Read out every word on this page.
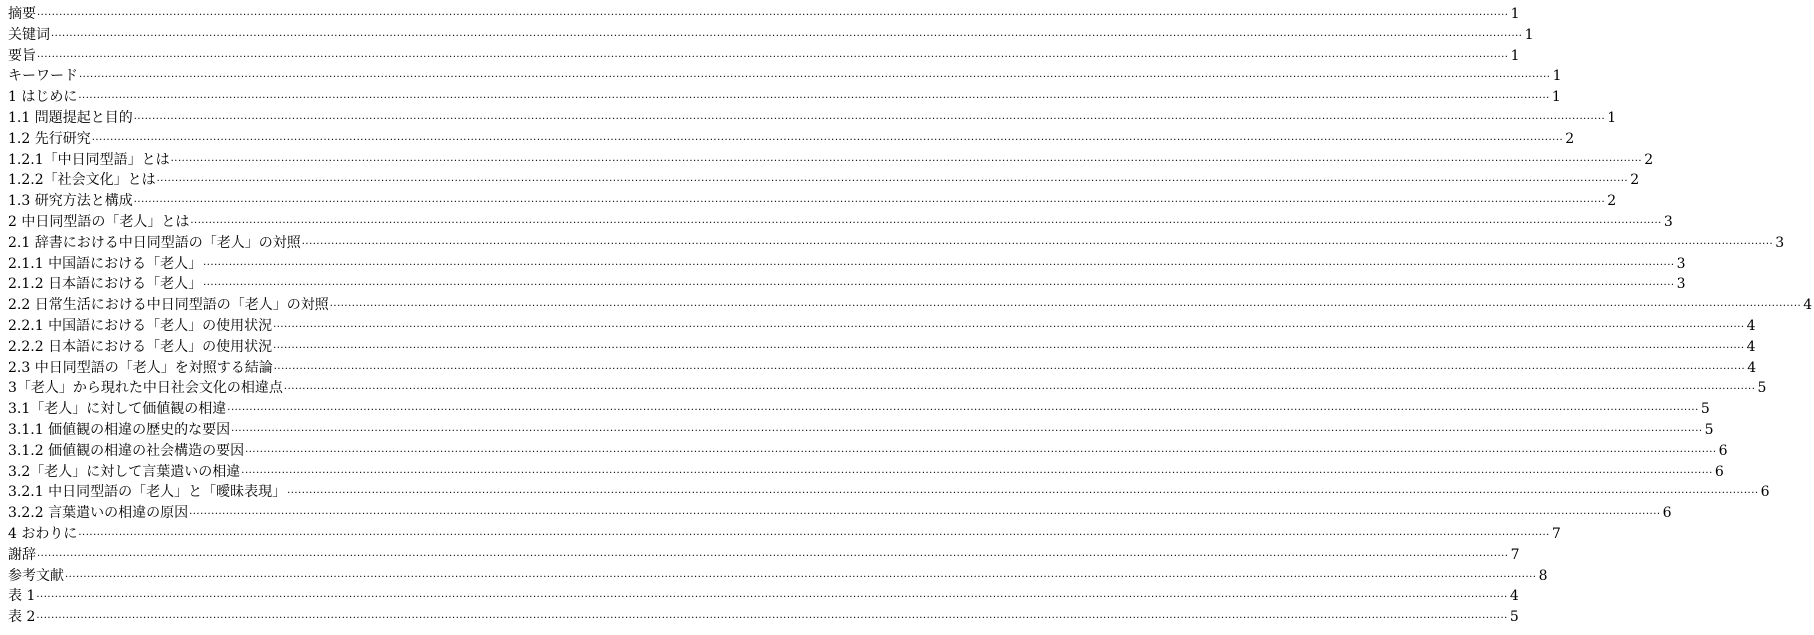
摘要 ················································································································································································································································································································································································································ 1
关键词 ················································································································································································································································································································································································································ 1
要旨 ················································································································································································································································································································································································································ 1
キーワード ················································································································································································································································································································································································································ 1
1 はじめに ················································································································································································································································································································································································································ 1
1.1 問題提起と目的 ················································································································································································································································································································································································································ 1
1.2 先行研究 ················································································································································································································································································································································································································ 2
1.2.1「中日同型語」とは ················································································································································································································································································································································································································ 2
1.2.2「社会文化」とは ················································································································································································································································································································································································································ 2
1.3 研究方法と構成 ················································································································································································································································································································································································································ 2
2 中日同型語の「老人」とは ················································································································································································································································································································································································································ 3
2.1 辞書における中日同型語の「老人」の対照 ················································································································································································································································································································································································································ 3
2.1.1 中国語における「老人」 ················································································································································································································································································································································································································ 3
2.1.2 日本語における「老人」 ················································································································································································································································································································································································································ 3
2.2 日常生活における中日同型語の「老人」の対照 ················································································································································································································································································································································································································ 4
2.2.1 中国語における「老人」の使用状況 ················································································································································································································································································································································································································ 4
2.2.2 日本語における「老人」の使用状況 ················································································································································································································································································································································································································ 4
2.3 中日同型語の「老人」を対照する結論 ················································································································································································································································································································································································································ 4
3「老人」から現れた中日社会文化の相違点 ················································································································································································································································································································································································································ 5
3.1「老人」に対して価値観の相違 ················································································································································································································································································································································································································ 5
3.1.1 価値観の相違の歴史的な要因 ················································································································································································································································································································································································································ 5
3.1.2 価値観の相違の社会構造の要因 ················································································································································································································································································································································································································ 6
3.2「老人」に対して言葉遣いの相違 ················································································································································································································································································································································································································ 6
3.2.1 中日同型語の「老人」と「曖昧表現」 ················································································································································································································································································································································································································ 6
3.2.2 言葉遣いの相違の原因 ················································································································································································································································································································································································································ 6
4 おわりに ················································································································································································································································································································································································································ 7
謝辞 ················································································································································································································································································································································································································ 7
参考文献 ················································································································································································································································································································································································································ 8
表 1 ················································································································································································································································································································································································································ 4
表 2 ················································································································································································································································································································································································································ 5
